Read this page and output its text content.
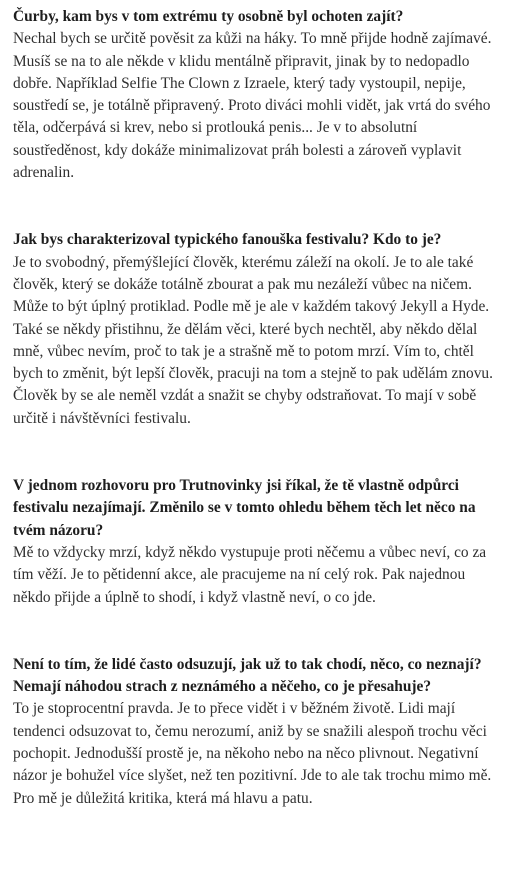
Čurby, kam bys v tom extrému ty osobně byl ochoten zajít?
Nechal bych se určitě pověsit za kůži na háky. To mně přijde hodně zajímavé. Musíš se na to ale někde v klidu mentálně připravit, jinak by to nedopadlo dobře. Například Selfie The Clown z Izraele, který tady vystoupil, nepije, soustředí se, je totálně připravený. Proto diváci mohli vidět, jak vrtá do svého těla, odčerpává si krev, nebo si protlouká penis... Je v to absolutní soustředěnost, kdy dokáže minimalizovat práh bolesti a zároveň vyplavit adrenalin.
Jak bys charakterizoval typického fanouška festivalu? Kdo to je?
Je to svobodný, přemýšlející člověk, kterému záleží na okolí. Je to ale také člověk, který se dokáže totálně zbourat a pak mu nezáleží vůbec na ničem. Může to být úplný protiklad. Podle mě je ale v každém takový Jekyll a Hyde. Také se někdy přistihnu, že dělám věci, které bych nechtěl, aby někdo dělal mně, vůbec nevím, proč to tak je a strašně mě to potom mrzí. Vím to, chtěl bych to změnit, být lepší člověk, pracuji na tom a stejně to pak udělám znovu. Člověk by se ale neměl vzdát a snažit se chyby odstraňovat. To mají v sobě určitě i návštěvníci festivalu.
V jednom rozhovoru pro Trutnovinky jsi říkal, že tě vlastně odpůrci festivalu nezajímají. Změnilo se v tomto ohledu během těch let něco na tvém názoru?
Mě to vždycky mrzí, když někdo vystupuje proti něčemu a vůbec neví, co za tím věží. Je to pětidenní akce, ale pracujeme na ní celý rok. Pak najednou někdo přijde a úplně to shodí, i když vlastně neví, o co jde.
Není to tím, že lidé často odsuzují, jak už to tak chodí, něco, co neznají? Nemají náhodou strach z neznámého a něčeho, co je přesahuje?
To je stoprocentní pravda. Je to přece vidět i v běžném životě. Lidi mají tendenci odsuzovat to, čemu nerozumí, aniž by se snažili alespoň trochu věci pochopit. Jednodušší prostě je, na někoho nebo na něco plivnout. Negativní názor je bohužel více slyšet, než ten pozitivní. Jde to ale tak trochu mimo mě. Pro mě je důležitá kritika, která má hlavu a patu.
